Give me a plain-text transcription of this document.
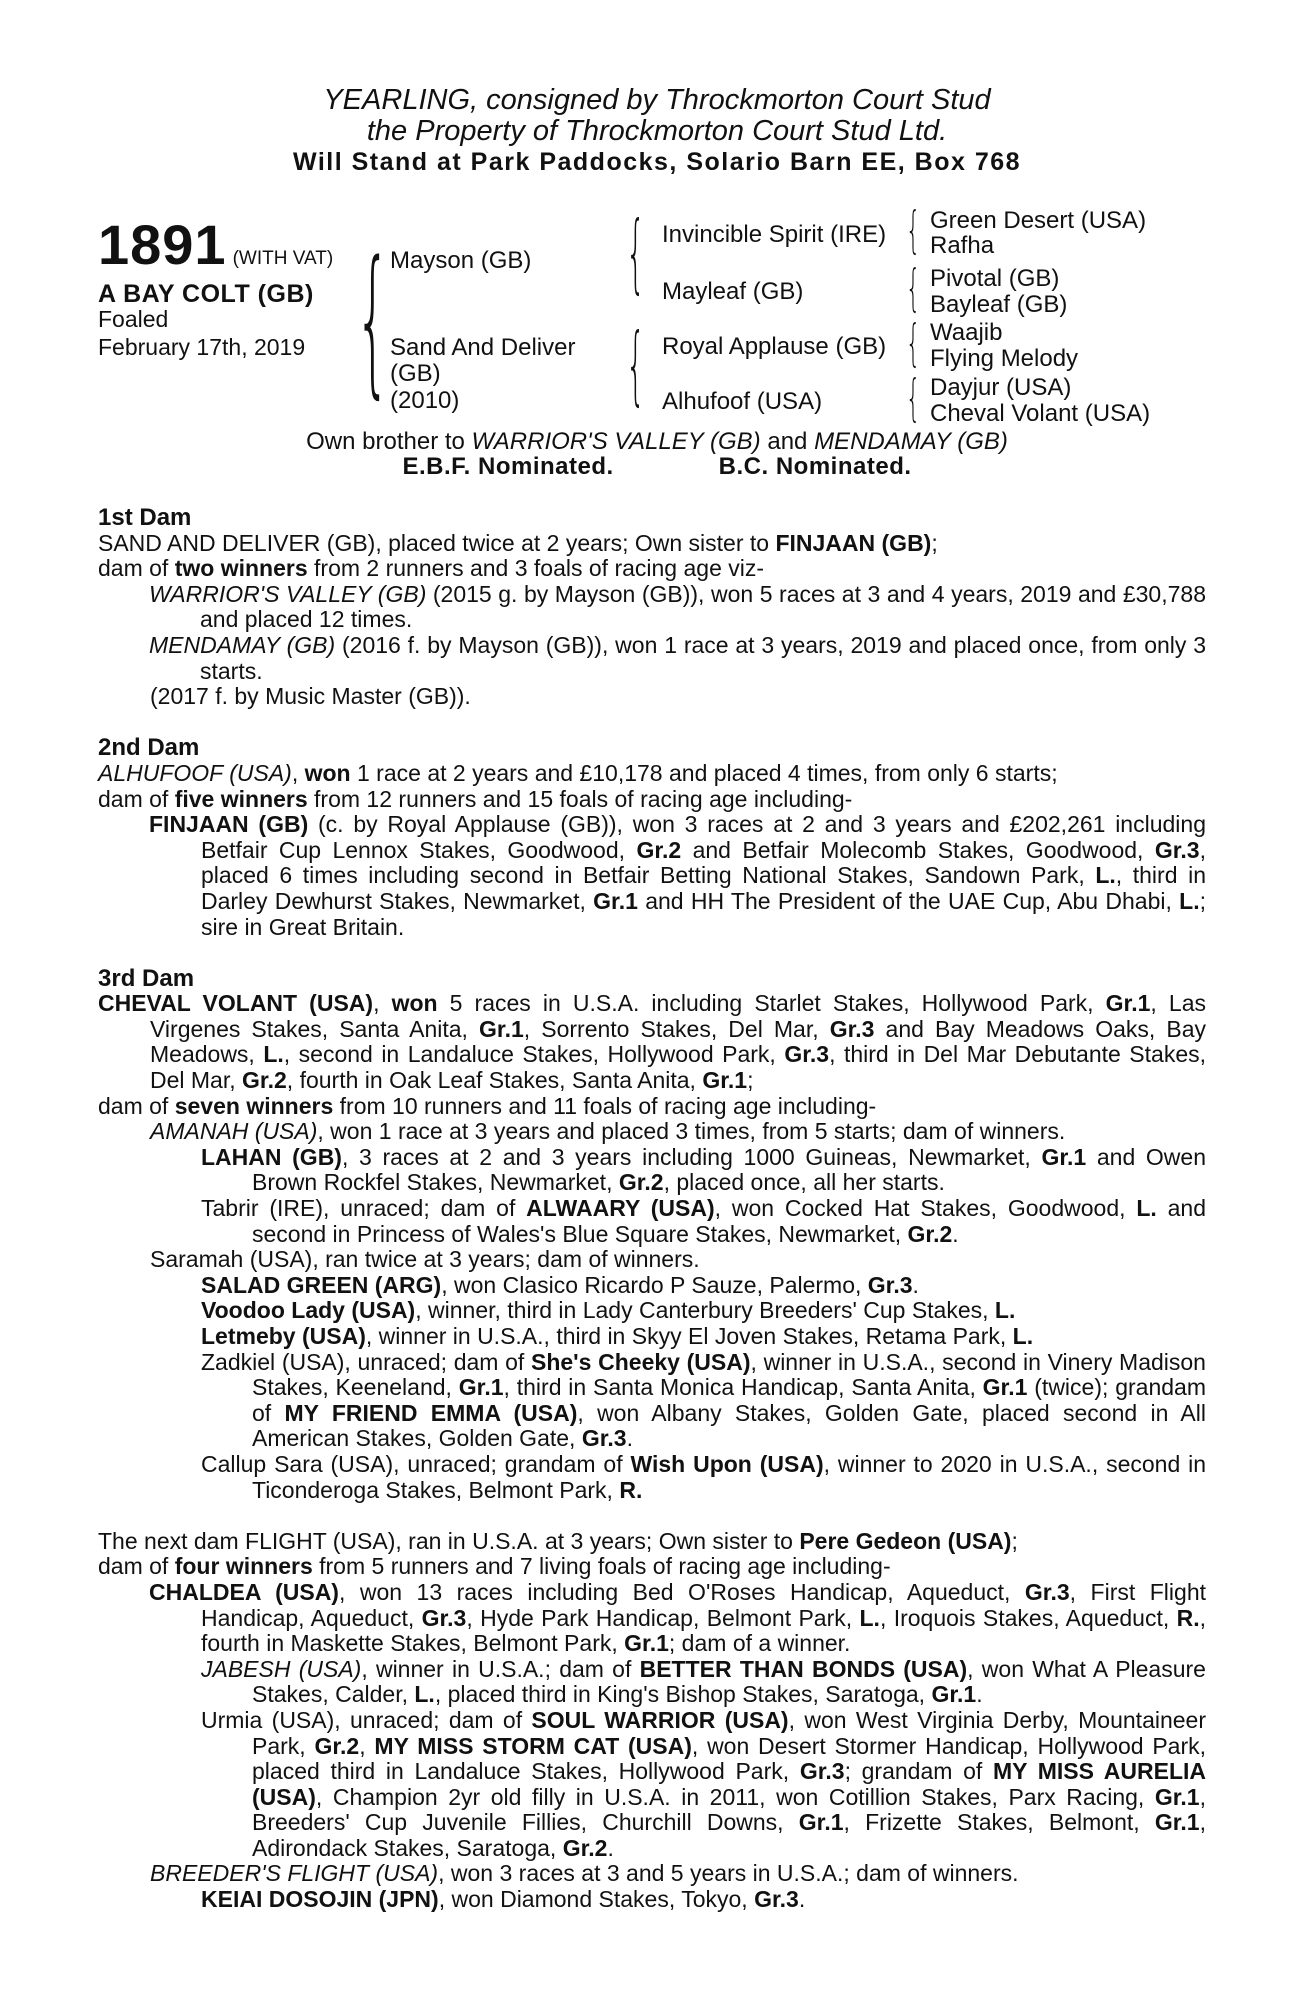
YEARLING, consigned by Throckmorton Court Stud
the Property of Throckmorton Court Stud Ltd.
Will Stand at Park Paddocks, Solario Barn EE, Box 768
1891 (WITH VAT)
A BAY COLT (GB)
Foaled
February 17th, 2019 { Mayson (GB)
Sand And Deliver
(GB)
(2010)
{ Invincible Spirit (IRE)
Mayleaf (GB)
{ Royal Applause (GB)
Alhufoof (USA)
{ Green Desert (USA)
Rafha
{ Pivotal (GB)
Bayleaf (GB)
{ Waajib
Flying Melody
{ Dayjur (USA)
Cheval Volant (USA)
Own brother to WARRIOR'S VALLEY (GB) and MENDAMAY (GB)
E.B.F. Nominated.	B.C. Nominated.
1st Dam
SAND AND DELIVER (GB), placed twice at 2 years; Own sister to FINJAAN (GB);
dam of two winners from 2 runners and 3 foals of racing age viz-
WARRIOR'S VALLEY (GB) (2015 g. by Mayson (GB)), won 5 races at 3 and 4 years, 2019 and £30,788 and placed 12 times.
MENDAMAY (GB) (2016 f. by Mayson (GB)), won 1 race at 3 years, 2019 and placed once, from only 3 starts.
(2017 f. by Music Master (GB)).
2nd Dam
ALHUFOOF (USA), won 1 race at 2 years and £10,178 and placed 4 times, from only 6 starts;
dam of five winners from 12 runners and 15 foals of racing age including-
FINJAAN (GB) (c. by Royal Applause (GB)), won 3 races at 2 and 3 years and £202,261 including Betfair Cup Lennox Stakes, Goodwood, Gr.2 and Betfair Molecomb Stakes, Goodwood, Gr.3, placed 6 times including second in Betfair Betting National Stakes, Sandown Park, L., third in Darley Dewhurst Stakes, Newmarket, Gr.1 and HH The President of the UAE Cup, Abu Dhabi, L.; sire in Great Britain.
3rd Dam
CHEVAL VOLANT (USA), won 5 races in U.S.A. including Starlet Stakes, Hollywood Park, Gr.1, Las Virgenes Stakes, Santa Anita, Gr.1, Sorrento Stakes, Del Mar, Gr.3 and Bay Meadows Oaks, Bay Meadows, L., second in Landaluce Stakes, Hollywood Park, Gr.3, third in Del Mar Debutante Stakes, Del Mar, Gr.2, fourth in Oak Leaf Stakes, Santa Anita, Gr.1;
dam of seven winners from 10 runners and 11 foals of racing age including-
AMANAH (USA), won 1 race at 3 years and placed 3 times, from 5 starts; dam of winners.
LAHAN (GB), 3 races at 2 and 3 years including 1000 Guineas, Newmarket, Gr.1 and Owen Brown Rockfel Stakes, Newmarket, Gr.2, placed once, all her starts.
Tabrir (IRE), unraced; dam of ALWAARY (USA), won Cocked Hat Stakes, Goodwood, L. and second in Princess of Wales's Blue Square Stakes, Newmarket, Gr.2.
Saramah (USA), ran twice at 3 years; dam of winners.
SALAD GREEN (ARG), won Clasico Ricardo P Sauze, Palermo, Gr.3.
Voodoo Lady (USA), winner, third in Lady Canterbury Breeders' Cup Stakes, L.
Letmeby (USA), winner in U.S.A., third in Skyy El Joven Stakes, Retama Park, L.
Zadkiel (USA), unraced; dam of She's Cheeky (USA), winner in U.S.A., second in Vinery Madison Stakes, Keeneland, Gr.1, third in Santa Monica Handicap, Santa Anita, Gr.1 (twice); grandam of MY FRIEND EMMA (USA), won Albany Stakes, Golden Gate, placed second in All American Stakes, Golden Gate, Gr.3.
Callup Sara (USA), unraced; grandam of Wish Upon (USA), winner to 2020 in U.S.A., second in Ticonderoga Stakes, Belmont Park, R.
The next dam FLIGHT (USA), ran in U.S.A. at 3 years; Own sister to Pere Gedeon (USA);
dam of four winners from 5 runners and 7 living foals of racing age including-
CHALDEA (USA), won 13 races including Bed O'Roses Handicap, Aqueduct, Gr.3, First Flight Handicap, Aqueduct, Gr.3, Hyde Park Handicap, Belmont Park, L., Iroquois Stakes, Aqueduct, R., fourth in Maskette Stakes, Belmont Park, Gr.1; dam of a winner.
JABESH (USA), winner in U.S.A.; dam of BETTER THAN BONDS (USA), won What A Pleasure Stakes, Calder, L., placed third in King's Bishop Stakes, Saratoga, Gr.1.
Urmia (USA), unraced; dam of SOUL WARRIOR (USA), won West Virginia Derby, Mountaineer Park, Gr.2, MY MISS STORM CAT (USA), won Desert Stormer Handicap, Hollywood Park, placed third in Landaluce Stakes, Hollywood Park, Gr.3; grandam of MY MISS AURELIA (USA), Champion 2yr old filly in U.S.A. in 2011, won Cotillion Stakes, Parx Racing, Gr.1, Breeders' Cup Juvenile Fillies, Churchill Downs, Gr.1, Frizette Stakes, Belmont, Gr.1, Adirondack Stakes, Saratoga, Gr.2.
BREEDER'S FLIGHT (USA), won 3 races at 3 and 5 years in U.S.A.; dam of winners.
KEIAI DOSOJIN (JPN), won Diamond Stakes, Tokyo, Gr.3.
